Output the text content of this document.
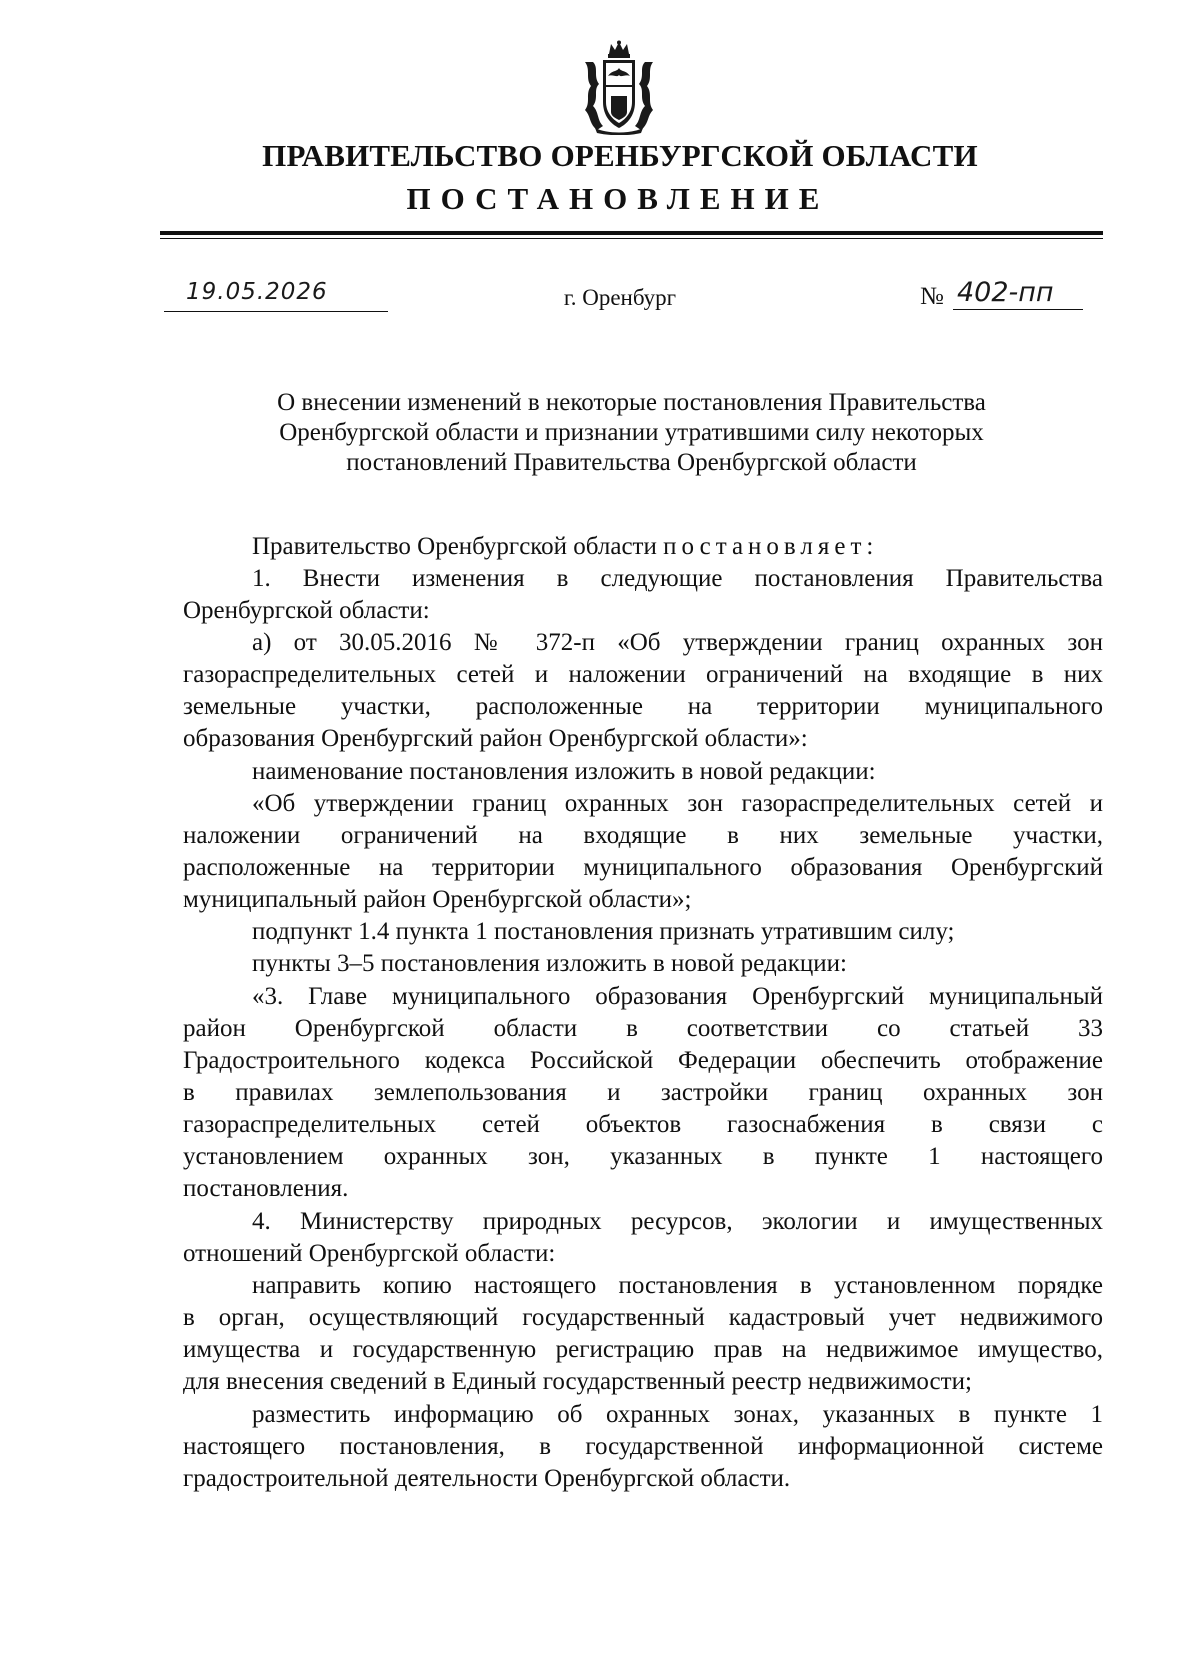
ПРАВИТЕЛЬСТВО ОРЕНБУРГСКОЙ ОБЛАСТИ
ПОСТАНОВЛЕНИЕ
19.05.2026	г. Оренбург	№ 402-пп
О внесении изменений в некоторые постановления Правительства
Оренбургской области и признании утратившими силу некоторых
постановлений Правительства Оренбургской области
Правительство Оренбургской области постановляет:
1. Внести изменения в следующие постановления Правительства
Оренбургской области:
а) от 30.05.2016 № 372-п «Об утверждении границ охранных зон
газораспределительных сетей и наложении ограничений на входящие в них
земельные участки, расположенные на территории муниципального
образования Оренбургский район Оренбургской области»:
наименование постановления изложить в новой редакции:
«Об утверждении границ охранных зон газораспределительных сетей и
наложении ограничений на входящие в них земельные участки,
расположенные на территории муниципального образования Оренбургский
муниципальный район Оренбургской области»;
подпункт 1.4 пункта 1 постановления признать утратившим силу;
пункты 3–5 постановления изложить в новой редакции:
«3. Главе муниципального образования Оренбургский муниципальный
район Оренбургской области в соответствии со статьей 33
Градостроительного кодекса Российской Федерации обеспечить отображение
в правилах землепользования и застройки границ охранных зон
газораспределительных сетей объектов газоснабжения в связи с
установлением охранных зон, указанных в пункте 1 настоящего
постановления.
4. Министерству природных ресурсов, экологии и имущественных
отношений Оренбургской области:
направить копию настоящего постановления в установленном порядке
в орган, осуществляющий государственный кадастровый учет недвижимого
имущества и государственную регистрацию прав на недвижимое имущество,
для внесения сведений в Единый государственный реестр недвижимости;
разместить информацию об охранных зонах, указанных в пункте 1
настоящего постановления, в государственной информационной системе
градостроительной деятельности Оренбургской области.
